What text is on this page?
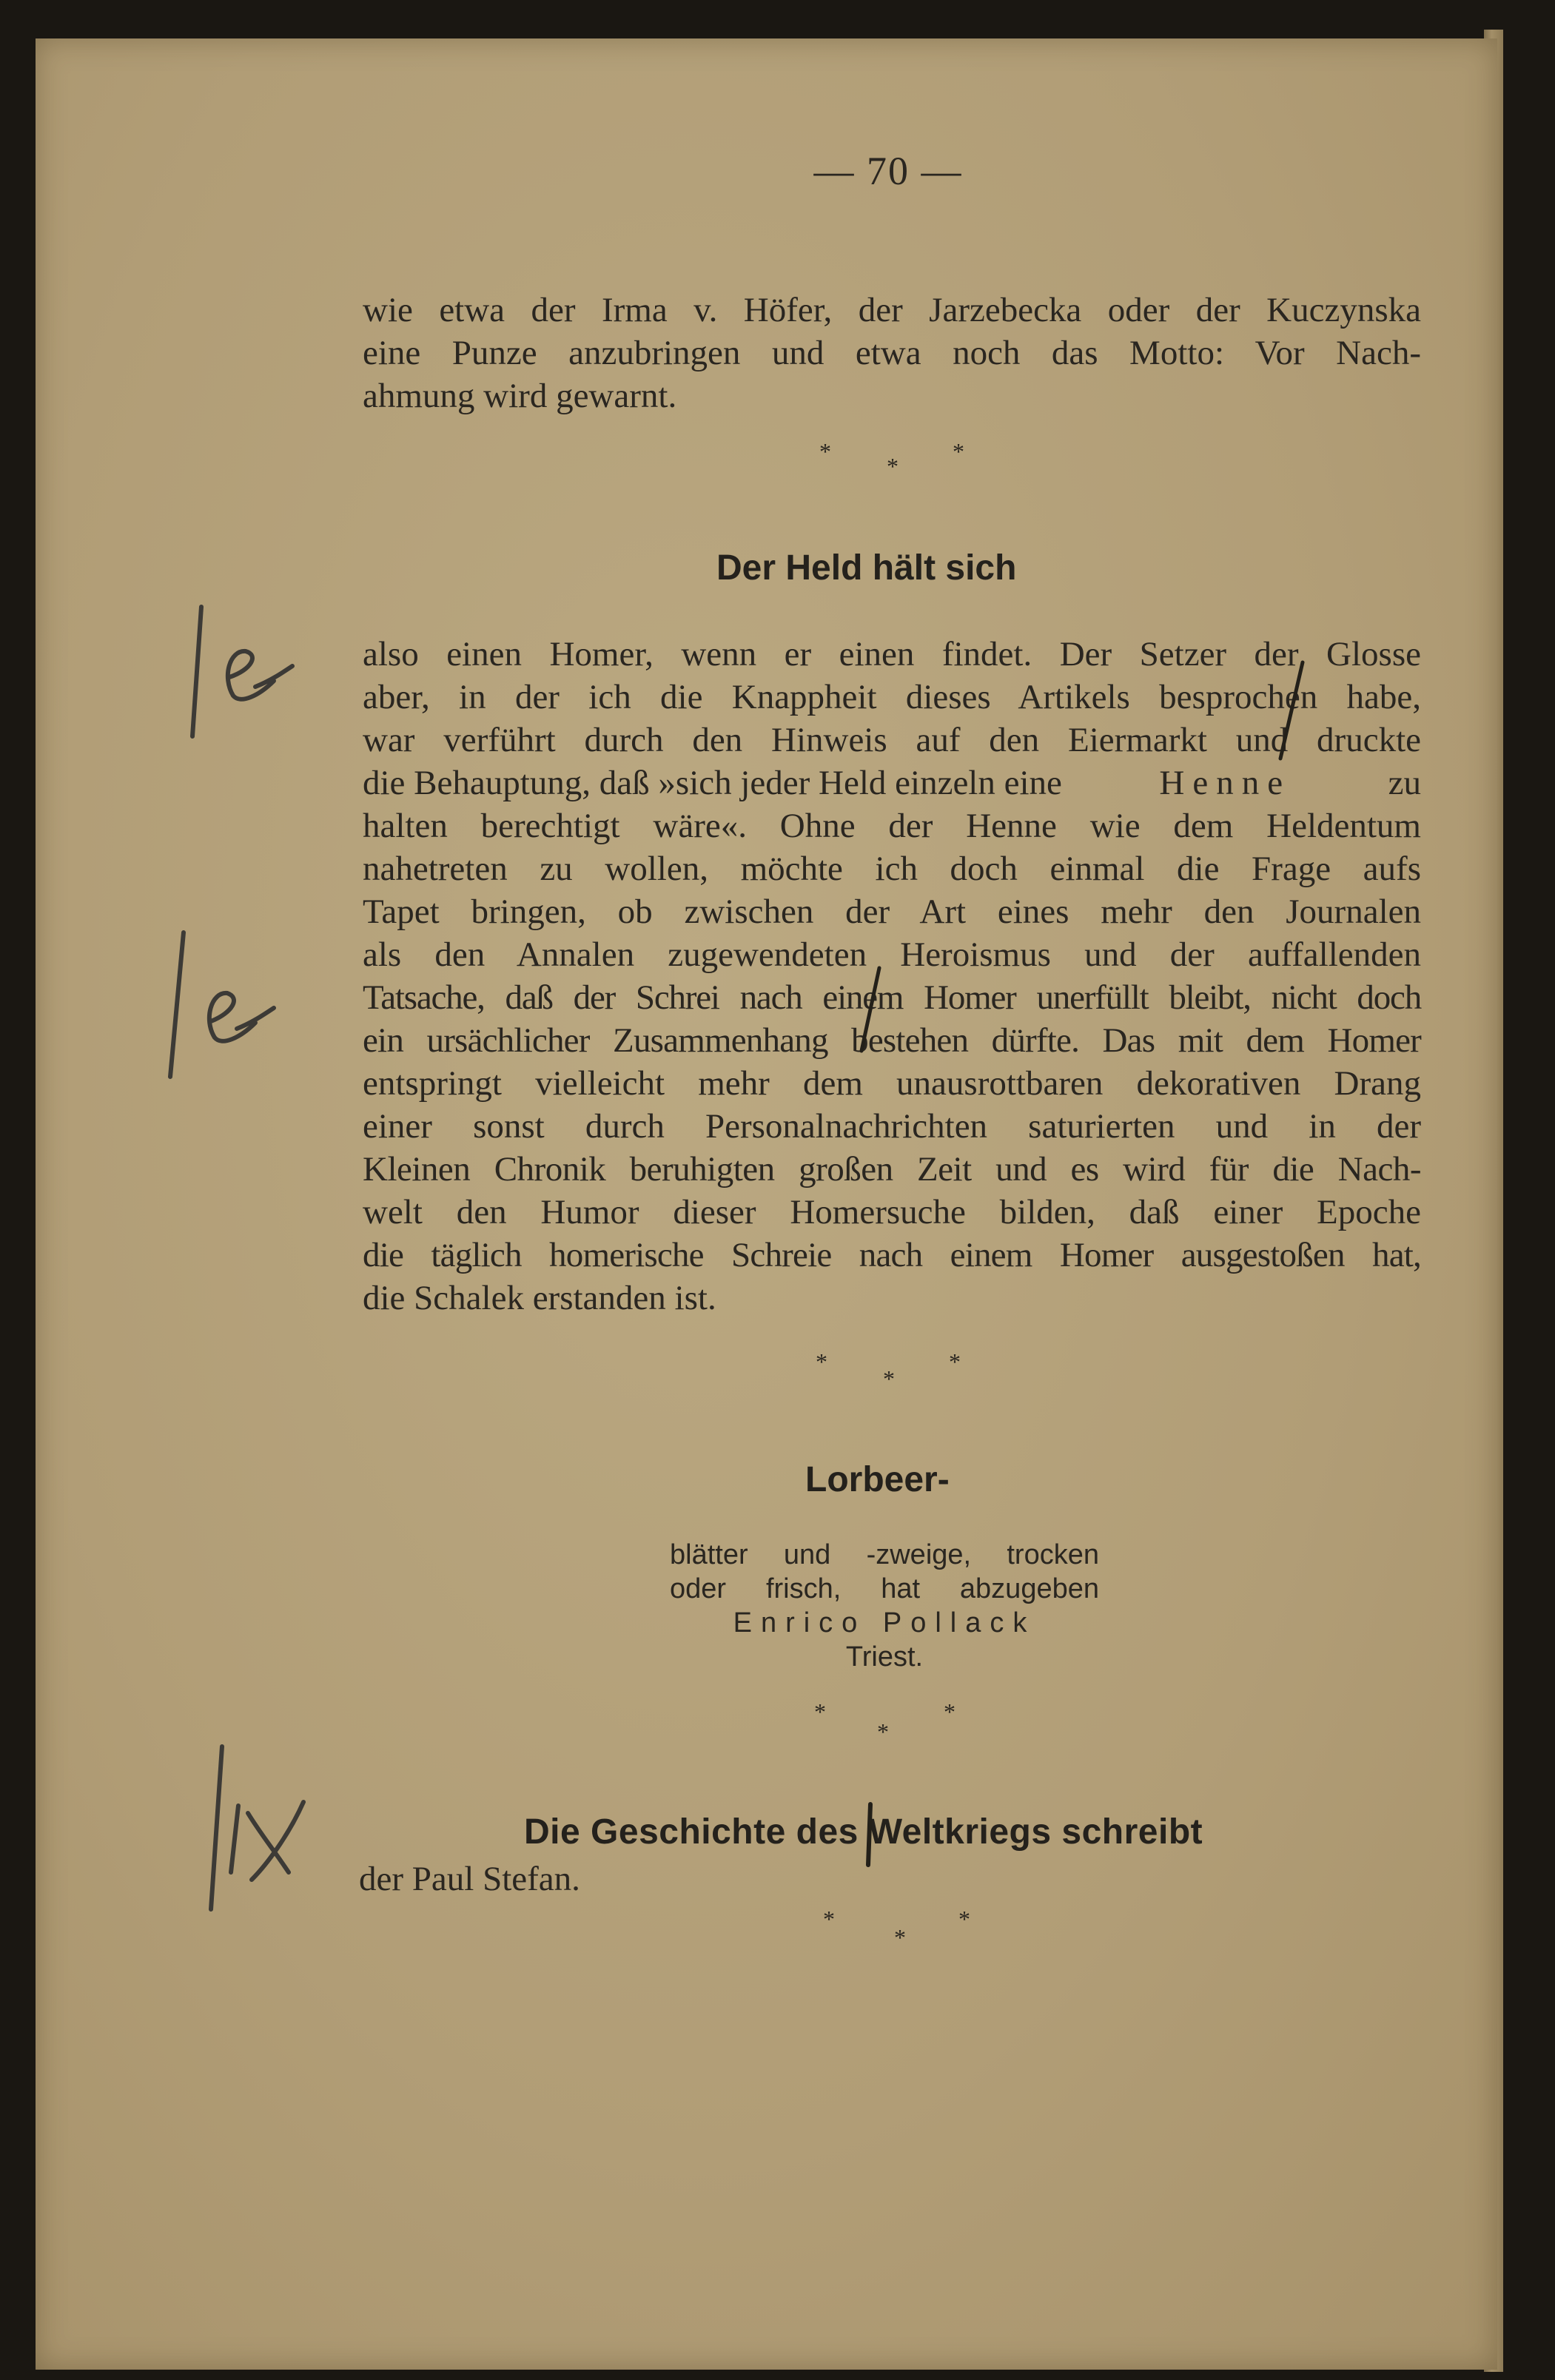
— 70 —
wie etwa der Irma v. Höfer, der Jarzebecka oder der Kuczynska
eine Punze anzubringen und etwa noch das Motto: Vor Nach-
ahmung wird gewarnt.
*
*
*
Der Held hält sich
also einen Homer, wenn er einen findet. Der Setzer der Glosse
aber, in der ich die Knappheit dieses Artikels besprochen habe,
war verführt durch den Hinweis auf den Eiermarkt und druckte
die Behauptung, daß »sich jeder Held einzeln eine	Henne	zu
halten berechtigt wäre«. Ohne der Henne wie dem Heldentum
nahetreten zu wollen, möchte ich doch einmal die Frage aufs
Tapet bringen, ob zwischen der Art eines mehr den Journalen
als den Annalen zugewendeten Heroismus und der auffallenden
Tatsache, daß der Schrei nach einem Homer unerfüllt bleibt, nicht doch
ein ursächlicher Zusammenhang bestehen dürfte. Das mit dem Homer
entspringt vielleicht mehr dem unausrottbaren dekorativen Drang
einer sonst durch Personalnachrichten saturierten und in der
Kleinen Chronik beruhigten großen Zeit und es wird für die Nach-
welt den Humor dieser Homersuche bilden, daß einer Epoche
die täglich homerische Schreie nach einem Homer ausgestoßen hat,
die Schalek erstanden ist.
*
*
*
Lorbeer-
blätter und -zweige, trocken
oder frisch, hat abzugeben
Enrico Pollack
Triest.
*
*
*
Die Geschichte des Weltkriegs schreibt
der Paul Stefan.
*
*
*
